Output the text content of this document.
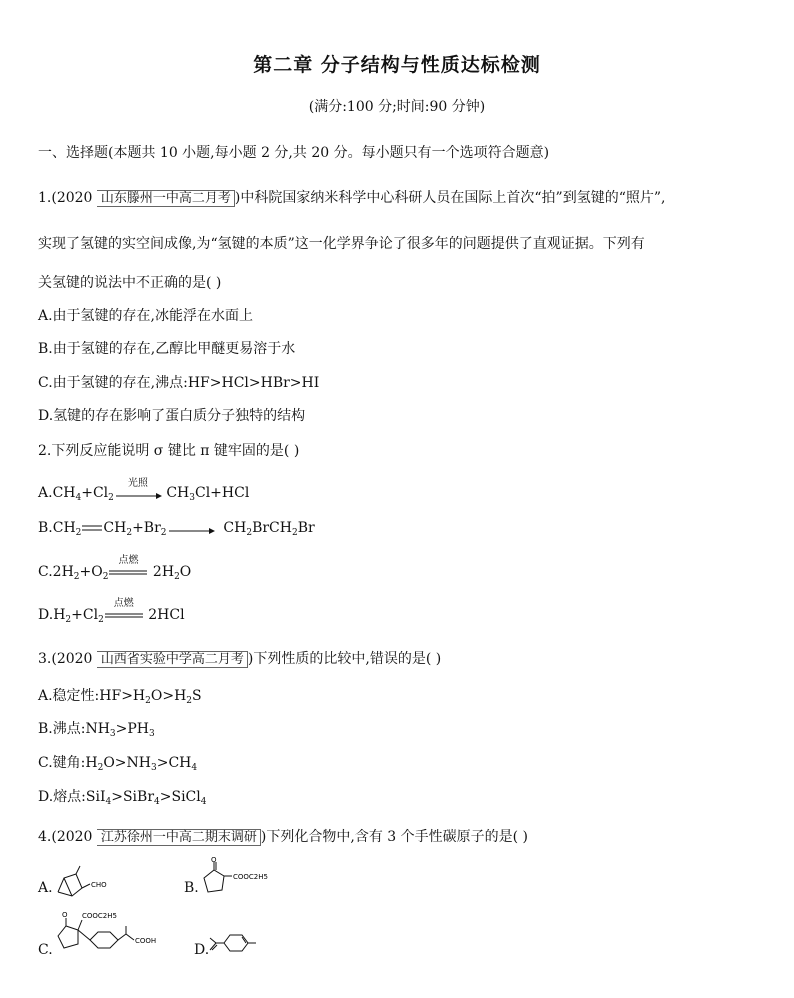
第二章 分子结构与性质达标检测
(满分:100 分;时间:90 分钟)
一、选择题(本题共 10 小题,每小题 2 分,共 20 分。每小题只有一个选项符合题意)
1.(2020 山东滕州一中高二月考 )中科院国家纳米科学中心科研人员在国际上首次“拍”到氢键的“照片”,
实现了氢键的实空间成像,为“氢键的本质”这一化学界争论了很多年的问题提供了直观证据。下列有
关氢键的说法中不正确的是( )
A.由于氢键的存在,冰能浮在水面上
B.由于氢键的存在,乙醇比甲醚更易溶于水
C.由于氢键的存在,沸点:HF>HCl>HBr>HI
D.氢键的存在影响了蛋白质分子独特的结构
2.下列反应能说明 σ 键比 π 键牢固的是( )
$A.CH_4+Cl_2$
光照
$CH_3Cl+HCl$
$B.CH_2$ $CH_2+Br_2\to$ $CH_2BrCH_2Br$
$C.2H_2+O_2$
点燃
$2H_2O$
$D.H_2+Cl_2$
点燃
2HCl
3.(2020 山西省实验中学高二月考 )下列性质的比较中,错误的是( )
A.稳定性$:HF>H_2O>H_2S$
B.沸点$:NH_3>PH_3$
C.键角$:H_2O>NH_3>CH_4$
D.熔点:SiI$_4$>SiBr$_4$>SiCl$_4$
4.(2020 江苏徐州一中高二期末调研 )下列化合物中,含有 3 个手性碳原子的是( )
A.	CHO	B.
O
COOC2H5
C.
O COOC2H5
COOH
D.
